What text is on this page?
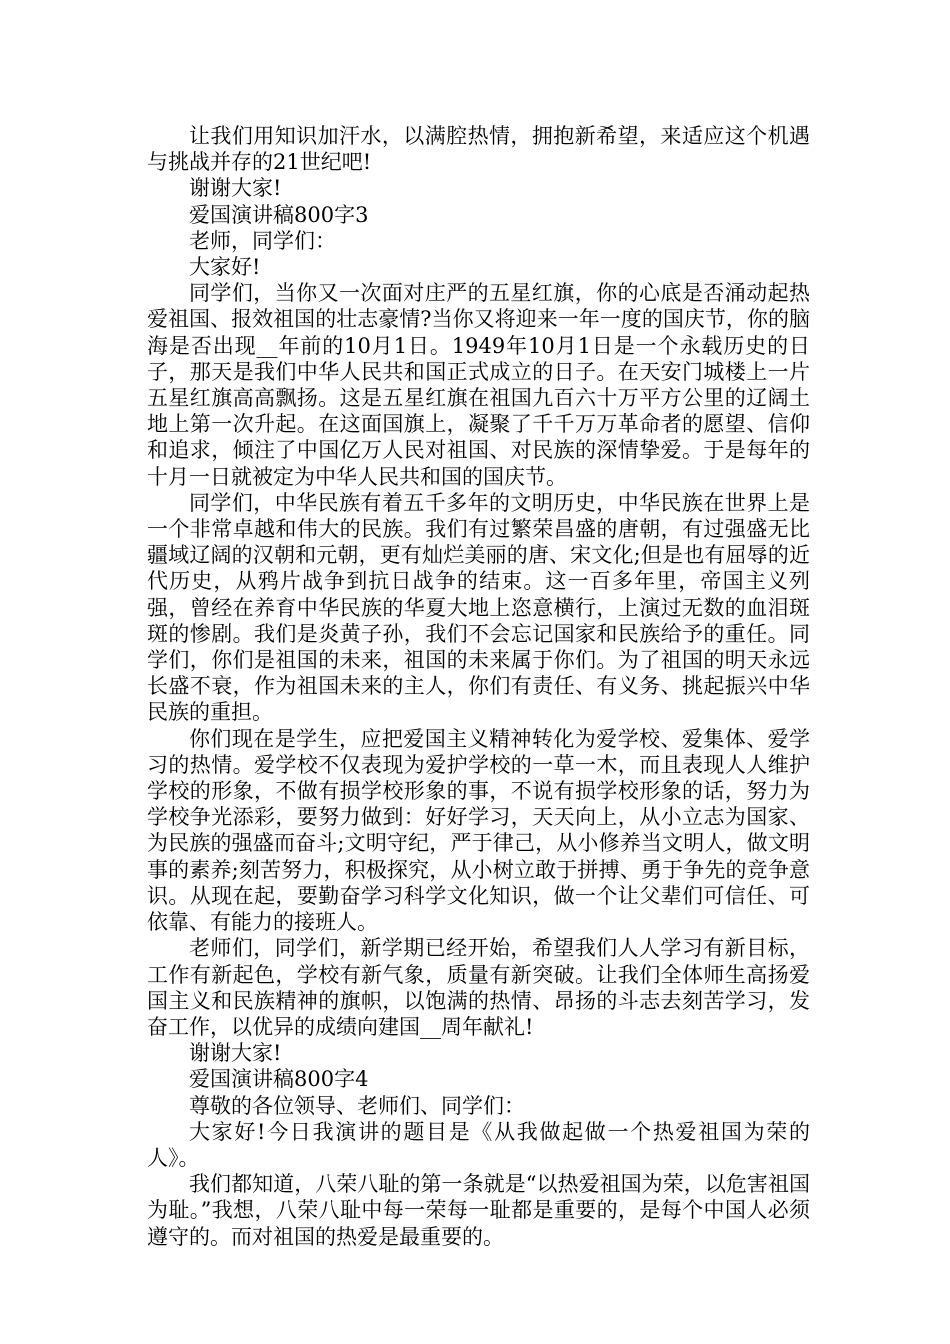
让我们用知识加汗水，以满腔热情，拥抱新希望，来适应这个机遇与挑战并存的21世纪吧!

谢谢大家!

爱国演讲稿800字3

老师，同学们：

大家好!

同学们，当你又一次面对庄严的五星红旗，你的心底是否涌动起热爱祖国、报效祖国的壮志豪情?当你又将迎来一年一度的国庆节，你的脑海是否出现__年前的10月1日。1949年10月1日是一个永载历史的日子，那天是我们中华人民共和国正式成立的日子。在天安门城楼上一片五星红旗高高飘扬。这是五星红旗在祖国九百六十万平方公里的辽阔土地上第一次升起。在这面国旗上，凝聚了千千万万革命者的愿望、信仰和追求，倾注了中国亿万人民对祖国、对民族的深情挚爱。于是每年的十月一日就被定为中华人民共和国的国庆节。

同学们，中华民族有着五千多年的文明历史，中华民族在世界上是一个非常卓越和伟大的民族。我们有过繁荣昌盛的唐朝，有过强盛无比疆域辽阔的汉朝和元朝，更有灿烂美丽的唐、宋文化;但是也有屈辱的近代历史，从鸦片战争到抗日战争的结束。这一百多年里，帝国主义列强，曾经在养育中华民族的华夏大地上恣意横行，上演过无数的血泪斑斑的惨剧。我们是炎黄子孙，我们不会忘记国家和民族给予的重任。同学们，你们是祖国的未来，祖国的未来属于你们。为了祖国的明天永远长盛不衰，作为祖国未来的主人，你们有责任、有义务、挑起振兴中华民族的重担。

你们现在是学生，应把爱国主义精神转化为爱学校、爱集体、爱学习的热情。爱学校不仅表现为爱护学校的一草一木，而且表现人人维护学校的形象，不做有损学校形象的事，不说有损学校形象的话，努力为学校争光添彩，要努力做到：好好学习，天天向上，从小立志为国家、为民族的强盛而奋斗;文明守纪，严于律己，从小修养当文明人，做文明事的素养;刻苦努力，积极探究，从小树立敢于拼搏、勇于争先的竞争意识。从现在起，要勤奋学习科学文化知识，做一个让父辈们可信任、可依靠、有能力的接班人。

老师们，同学们，新学期已经开始，希望我们人人学习有新目标，工作有新起色，学校有新气象，质量有新突破。让我们全体师生高扬爱国主义和民族精神的旗帜，以饱满的热情、昂扬的斗志去刻苦学习，发奋工作，以优异的成绩向建国__周年献礼!

谢谢大家!

爱国演讲稿800字4

尊敬的各位领导、老师们、同学们：

大家好!今日我演讲的题目是《从我做起做一个热爱祖国为荣的人》。

我们都知道，八荣八耻的第一条就是“以热爱祖国为荣，以危害祖国为耻。”我想，八荣八耻中每一荣每一耻都是重要的，是每个中国人必须遵守的。而对祖国的热爱是最重要的。
